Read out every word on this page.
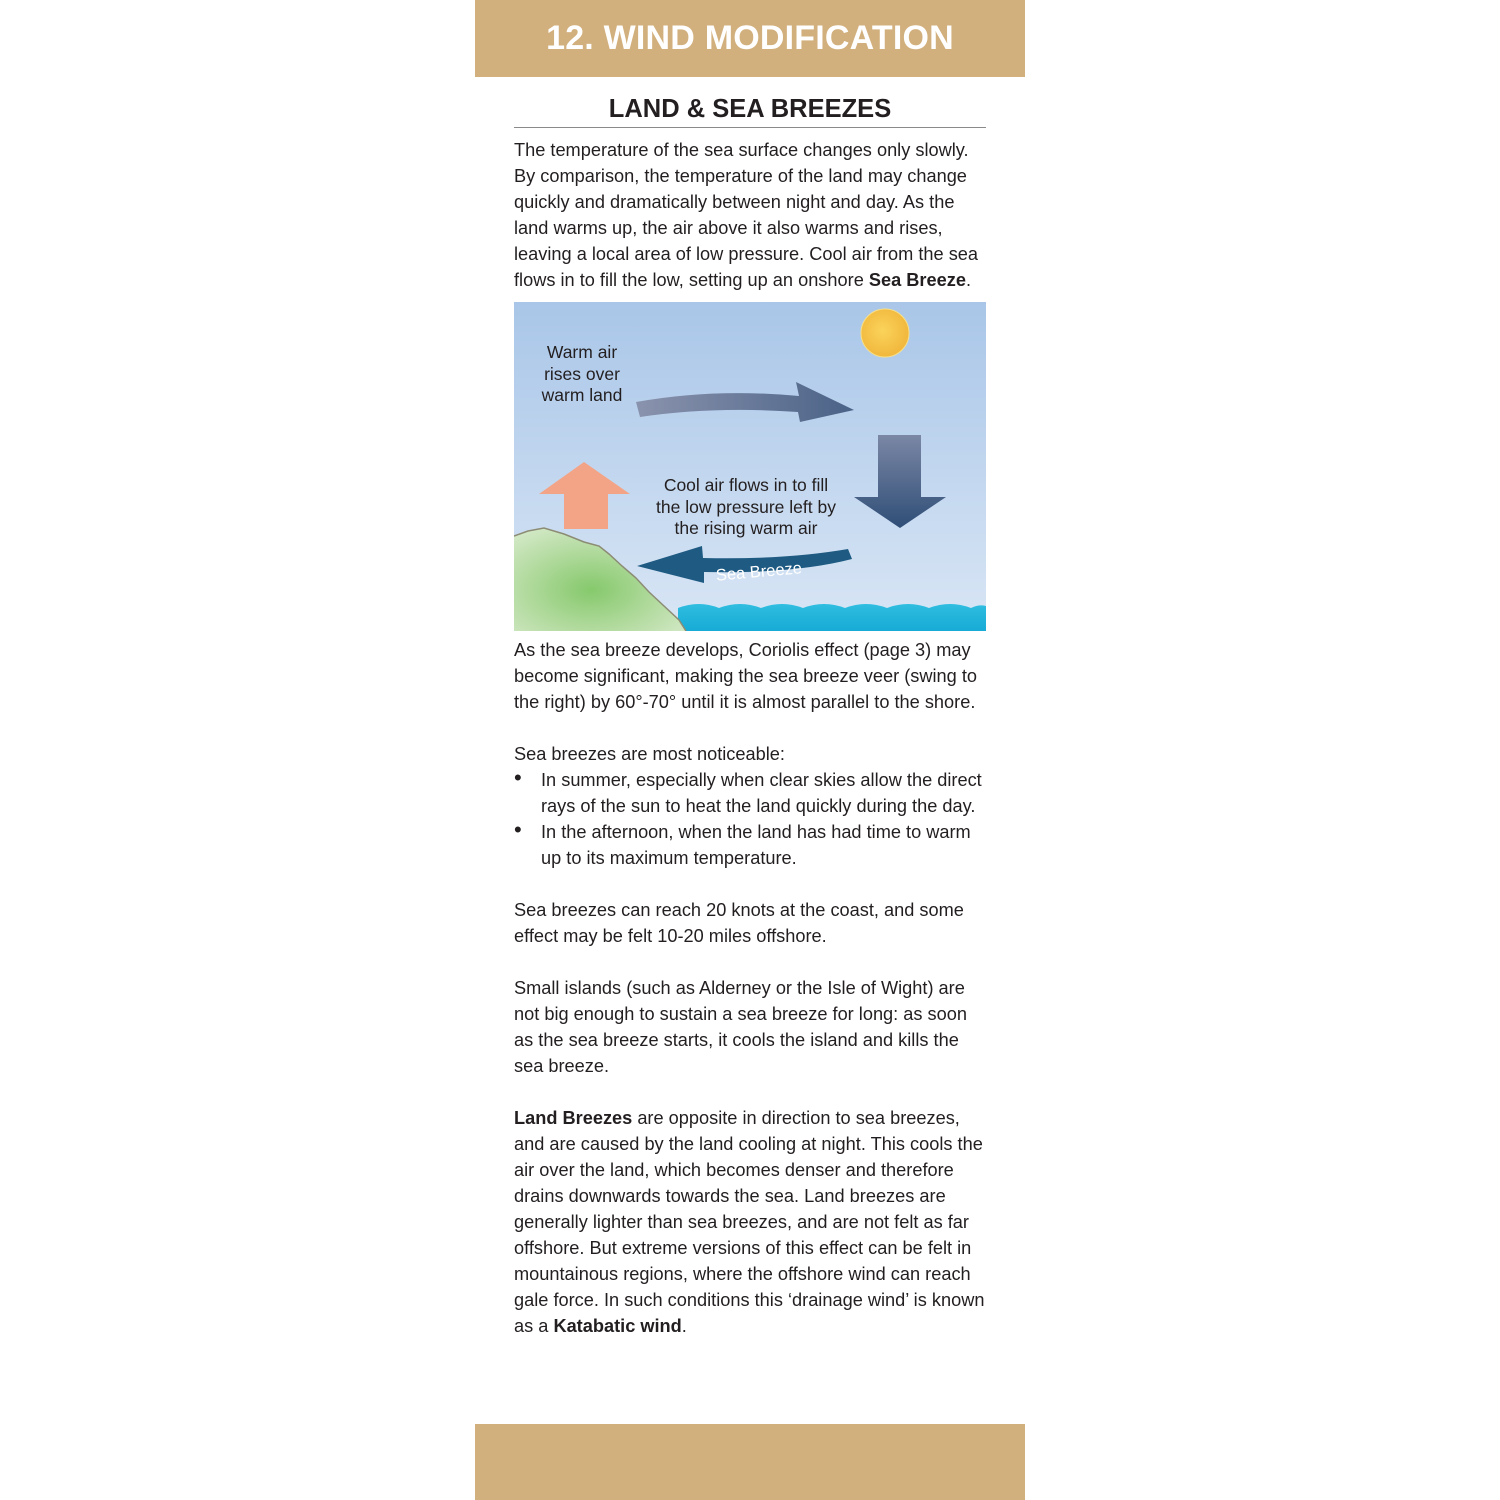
12. WIND MODIFICATION
LAND & SEA BREEZES

The temperature of the sea surface changes only slowly. By comparison, the temperature of the land may change quickly and dramatically between night and day. As the land warms up, the air above it also warms and rises, leaving a local area of low pressure. Cool air from the sea flows in to fill the low, setting up an onshore Sea Breeze.

Warm air rises over warm land
Cool air flows in to fill the low pressure left by the rising warm air
Sea Breeze

As the sea breeze develops, Coriolis effect (page 3) may become significant, making the sea breeze veer (swing to the right) by 60°-70° until it is almost parallel to the shore.

Sea breezes are most noticeable:

• In summer, especially when clear skies allow the direct rays of the sun to heat the land quickly during the day.
• In the afternoon, when the land has had time to warm up to its maximum temperature.

Sea breezes can reach 20 knots at the coast, and some effect may be felt 10-20 miles offshore.

Small islands (such as Alderney or the Isle of Wight) are not big enough to sustain a sea breeze for long: as soon as the sea breeze starts, it cools the island and kills the sea breeze.

Land Breezes are opposite in direction to sea breezes, and are caused by the land cooling at night. This cools the air over the land, which becomes denser and therefore drains downwards towards the sea. Land breezes are generally lighter than sea breezes, and are not felt as far offshore. But extreme versions of this effect can be felt in mountainous regions, where the offshore wind can reach gale force. In such conditions this ‘drainage wind’ is known as a Katabatic wind.
